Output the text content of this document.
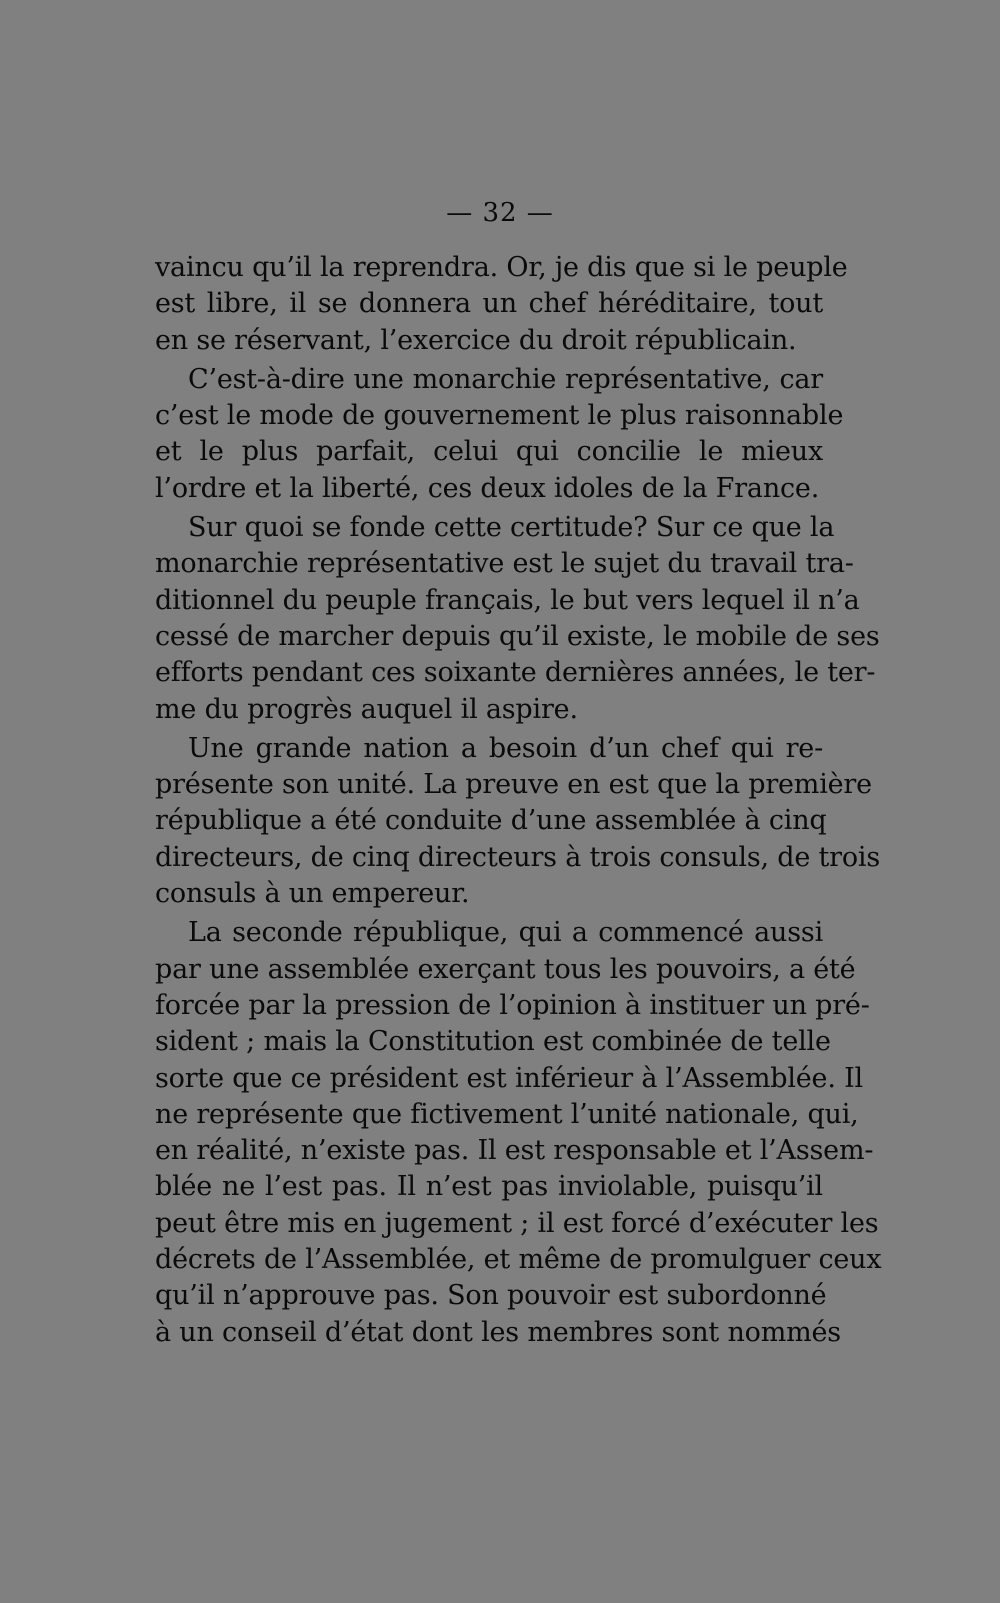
— 32 —
vaincu qu’il la reprendra. Or, je dis que si le peuple
est libre, il se donnera un chef héréditaire, tout
en se réservant, l’exercice du droit républicain.
C’est-à-dire une monarchie représentative, car
c’est le mode de gouvernement le plus raisonnable
et le plus parfait, celui qui concilie le mieux
l’ordre et la liberté, ces deux idoles de la France.
Sur quoi se fonde cette certitude? Sur ce que la
monarchie représentative est le sujet du travail tra-
ditionnel du peuple français, le but vers lequel il n’a
cessé de marcher depuis qu’il existe, le mobile de ses
efforts pendant ces soixante dernières années, le ter-
me du progrès auquel il aspire.
Une grande nation a besoin d’un chef qui re-
présente son unité. La preuve en est que la première
république a été conduite d’une assemblée à cinq
directeurs, de cinq directeurs à trois consuls, de trois
consuls à un empereur.
La seconde république, qui a commencé aussi
par une assemblée exerçant tous les pouvoirs, a été
forcée par la pression de l’opinion à instituer un pré-
sident ; mais la Constitution est combinée de telle
sorte que ce président est inférieur à l’Assemblée. Il
ne représente que fictivement l’unité nationale, qui,
en réalité, n’existe pas. Il est responsable et l’Assem-
blée ne l’est pas. Il n’est pas inviolable, puisqu’il
peut être mis en jugement ; il est forcé d’exécuter les
décrets de l’Assemblée, et même de promulguer ceux
qu’il n’approuve pas. Son pouvoir est subordonné
à un conseil d’état dont les membres sont nommés
